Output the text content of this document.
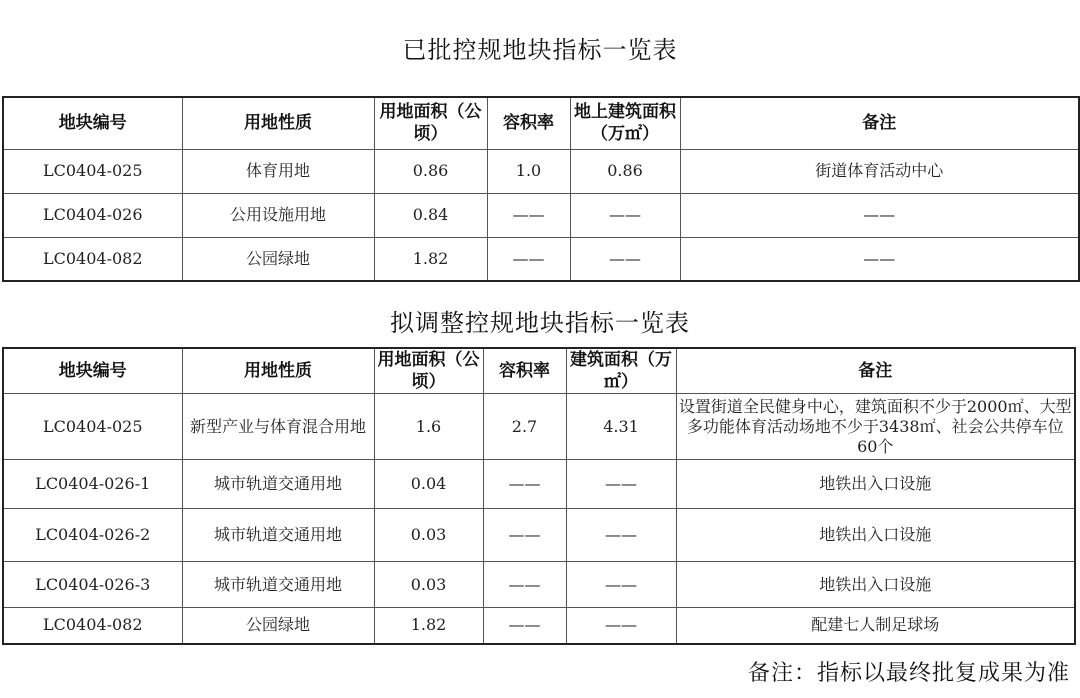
已批控规地块指标一览表
地块编号	用地性质	用地面积（公顷）	容积率	地上建筑面积（万㎡）	备注
LC0404-025	体育用地	0.86	1.0	0.86	街道体育活动中心
LC0404-026	公用设施用地	0.84	——	——	——
LC0404-082	公园绿地	1.82	——	——	——
拟调整控规地块指标一览表
地块编号	用地性质	用地面积（公顷）	容积率	建筑面积（万㎡）	备注
LC0404-025	新型产业与体育混合用地	1.6	2.7	4.31	设置街道全民健身中心，建筑面积不少于2000㎡、大型多功能体育活动场地不少于3438㎡、社会公共停车位60个
LC0404-026-1	城市轨道交通用地	0.04	——	——	地铁出入口设施
LC0404-026-2	城市轨道交通用地	0.03	——	——	地铁出入口设施
LC0404-026-3	城市轨道交通用地	0.03	——	——	地铁出入口设施
LC0404-082	公园绿地	1.82	——	——	配建七人制足球场
备注：指标以最终批复成果为准
